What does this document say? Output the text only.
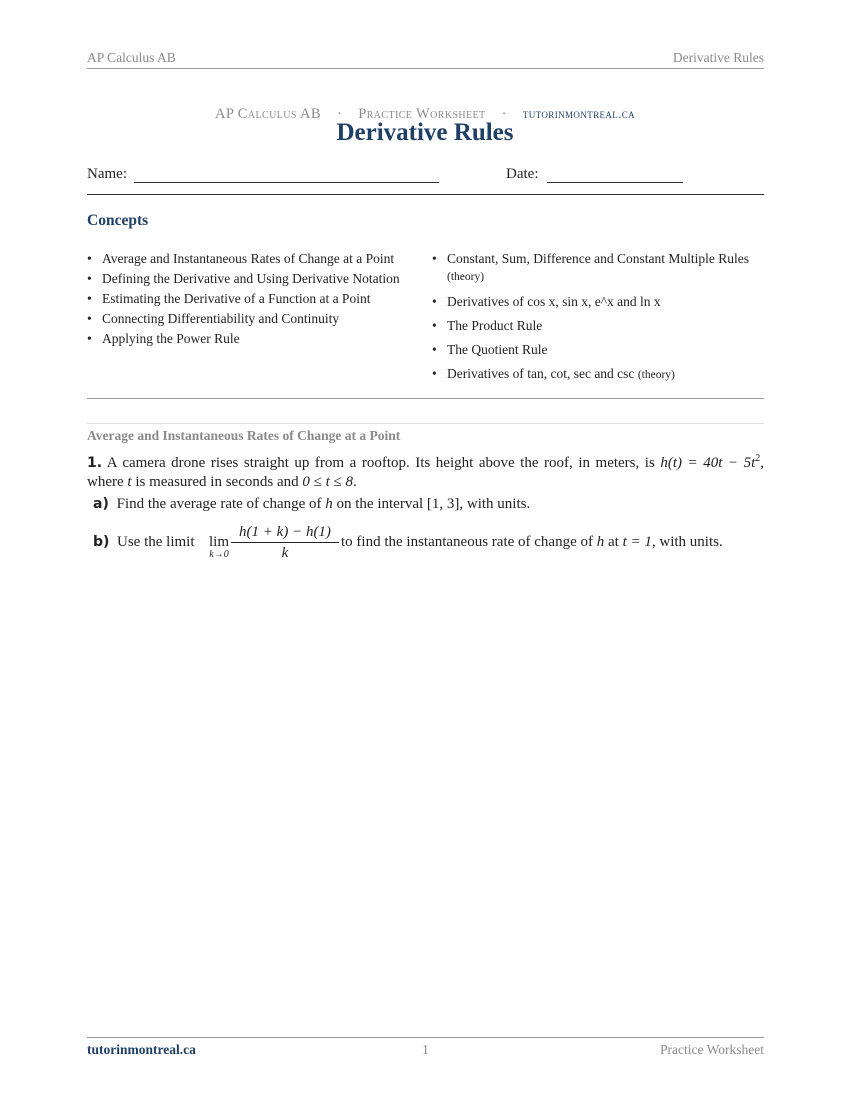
AP Calculus AB	Derivative Rules
AP Calculus AB · Practice Worksheet · tutorinmontreal.ca
Derivative Rules
Name:	Date:
Concepts
• Average and Instantaneous Rates of Change at a Point
• Defining the Derivative and Using Derivative Notation
• Estimating the Derivative of a Function at a Point
• Connecting Differentiability and Continuity
• Applying the Power Rule
• Constant, Sum, Difference and Constant Multiple Rules (theory)
• Derivatives of cos x, sin x, e^x and ln x
• The Product Rule
• The Quotient Rule
• Derivatives of tan, cot, sec and csc (theory)
Average and Instantaneous Rates of Change at a Point
1. A camera drone rises straight up from a rooftop. Its height above the roof, in meters, is $h(t) = 40t - 5t^2$, where t is measured in seconds and 0 ≤ t ≤ 8.
a) Find the average rate of change of h on the interval [1, 3], with units.
b) Use the limit lim
$k\to 0 \frac{h(1 + k) - h(1)}{k}$ to find the instantaneous rate of change of h at t = 1, with units.
tutorinmontreal.ca	1	Practice Worksheet
